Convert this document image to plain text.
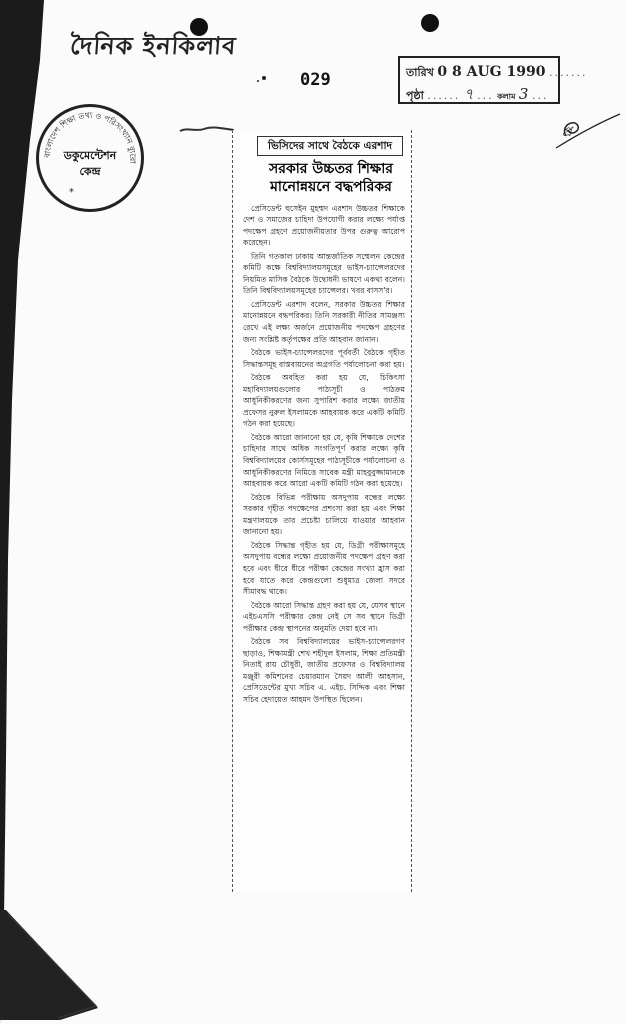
দৈনিক ইনকিলাব
029	তারিখ 0 8 AUG 1990 .......
পৃষ্ঠা ...... ৭ ... কলাম 3 ...
বাংলাদেশ শিক্ষা তথ্য ও পরিসংখ্যান ব্যুরো
*
ডকুমেন্টেশন
কেন্দ্র
প্র
ভিসিদের সাথে বৈঠকে এরশাদ
সরকার উচ্চতর শিক্ষার মানোন্নয়নে বদ্ধপরিকর

প্রেসিডেন্ট হুসেইন মুহম্মদ এরশাদ উচ্চতর শিক্ষাকে দেশ ও সমাজের চাহিদা উপযোগী করার লক্ষ্যে পর্যাপ্ত পদক্ষেপ গ্রহণে প্রয়োজনীয়তার উপর গুরুত্ব আরোপ করেছেন।

তিনি গতকাল ঢাকায় আন্তর্জাতিক সম্মেলন কেন্দ্রের কমিটি কক্ষে বিশ্ববিদ্যালয়সমূহের ভাইস-চ্যান্সেলরদের নিয়মিত মাসিক বৈঠকে উদ্বোধনী ভাষণে একথা বলেন। তিনি বিশ্ববিদ্যালয়সমূহের চ্যান্সেলর। খবর বাসস'র।

প্রেসিডেন্ট এরশাদ বলেন, সরকার উচ্চতর শিক্ষার মানোন্নয়নে বদ্ধপরিকর। তিনি সরকারী নীতির সামঞ্জস্য রেখে এই লক্ষ্য অর্জনে প্রয়োজনীয় পদক্ষেপ গ্রহণের জন্য সংশ্লিষ্ট কর্তৃপক্ষের প্রতি আহবান জানান।

বৈঠকে ভাইস-চ্যান্সেলরদের পূর্ববর্তী বৈঠকে গৃহীত সিদ্ধান্তসমূহ বাস্তবায়নের অগ্রগতি পর্যালোচনা করা হয়।

বৈঠকে অবহিত করা হয় যে, চিকিৎসা মহাবিদ্যালয়গুলোর পাঠ্যসূচী ও পাঠক্রম আধুনিকীকরণের জন্য সুপারিশ করার লক্ষ্যে জাতীয় প্রফেসর নুরুল ইসলামকে আহবায়ক করে একটি কমিটি গঠন করা হয়েছে।

বৈঠকে আরো জানানো হয় যে, কৃষি শিক্ষাকে দেশের চাহিদার সাথে অধিক সংগতিপূর্ণ করার লক্ষ্যে কৃষি বিশ্ববিদ্যালয়ের কোর্সসমূহের পাঠ্যসূচীকে পর্যালোচনা ও আধুনিকীকরণের নিমিত্তে সাবেক মন্ত্রী মাহবুবুজ্জামানকে আহবায়ক করে আরো একটি কমিটি গঠন করা হয়েছে।

বৈঠকে বিভিন্ন পরীক্ষায় অসদুপায় বন্ধের লক্ষ্যে সরকার গৃহীত পদক্ষেপের প্রশংসা করা হয় এবং শিক্ষা মন্ত্রণালয়কে তার প্রচেষ্টা চালিয়ে যাওয়ার আহবান জানানো হয়।

বৈঠকে সিদ্ধান্ত গৃহীত হয় যে, ডিগ্রী পরীক্ষাসমূহে অসদুপায় বন্ধের লক্ষ্যে প্রয়োজনীয় পদক্ষেপ গ্রহণ করা হবে এবং ধীরে ধীরে পরীক্ষা কেন্দ্রের সংখ্যা হ্রাস করা হবে যাতে করে কেন্দ্রগুলো শুধুমাত্র জেলা সদরে সীমাবদ্ধ থাকে।

বৈঠকে আরো সিদ্ধান্ত গ্রহণ করা হয় যে, যেসব স্থানে এইচএসসি পরীক্ষার কেন্দ্র নেই সে সব স্থানে ডিগ্রী পরীক্ষার কেন্দ্র স্থাপনের অনুমতি দেয়া হবে না।

বৈঠকে সব বিশ্ববিদ্যালয়ের ভাইস-চ্যান্সেলরগণ ছাড়াও, শিক্ষামন্ত্রী শেখ শহীদুল ইসলাম, শিক্ষা প্রতিমন্ত্রী নিতাই রায় চৌধুরী, জাতীয় প্রফেসর ও বিশ্ববিদ্যালয় মঞ্জুরী কমিশনের চেয়ারম্যান সৈয়দ আলী আহসান, প্রেসিডেন্টের মুখ্য সচিব এ. এইচ. সিদ্দিক এবং শিক্ষা সচিব হেদায়েত আহমদ উপস্থিত ছিলেন।
